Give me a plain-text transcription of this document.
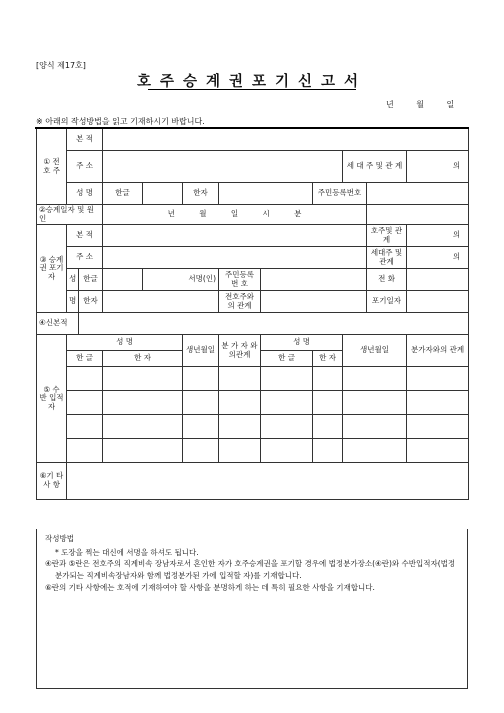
[양식 제17호]
호주승계권포기신고서
년 월 일
※ 아래의 작성방법을 읽고 기재하시기 바랍니다.
① 전 호 주	본 적										
	주 소								세 대 주 및 관 계		의

	성 명		한글		한자			주민등록번호			
②승계일자 및 원인			년 월 일 시 분								
③ 승계권 포기자	본 적									호주및 관 계	의

	주 소									세대주 및관계	의

	성	한글		서명(인)		주민등록 번 호				전 화	
	명	한자				전호주와 의 관계				포기일자	
④신본적											
⑤ 수 반 입적자	성 명				생년월일	분 가 자 와의관계	성 명		생년월일		분가자와의 관계
	한 글		한 자				한 글	한 자			

⑥기 타 사 항											
작성방법

* 도장을 찍는 대신에 서명을 하셔도 됩니다.

④란과 ⑤란은 전호주의 직계비속 장남자로서 혼인한 자가 호주승계권을 포기할 경우에 법정분가장소(④란)와 수반입적자(법정분가되는 직계비속장남자와 함께 법정분가된 가에 입적할 자)를 기재합니다.

⑥란의 기타 사항에는 호적에 기재하여야 할 사항을 분명하게 하는 데 특히 필요한 사항을 기재합니다.
